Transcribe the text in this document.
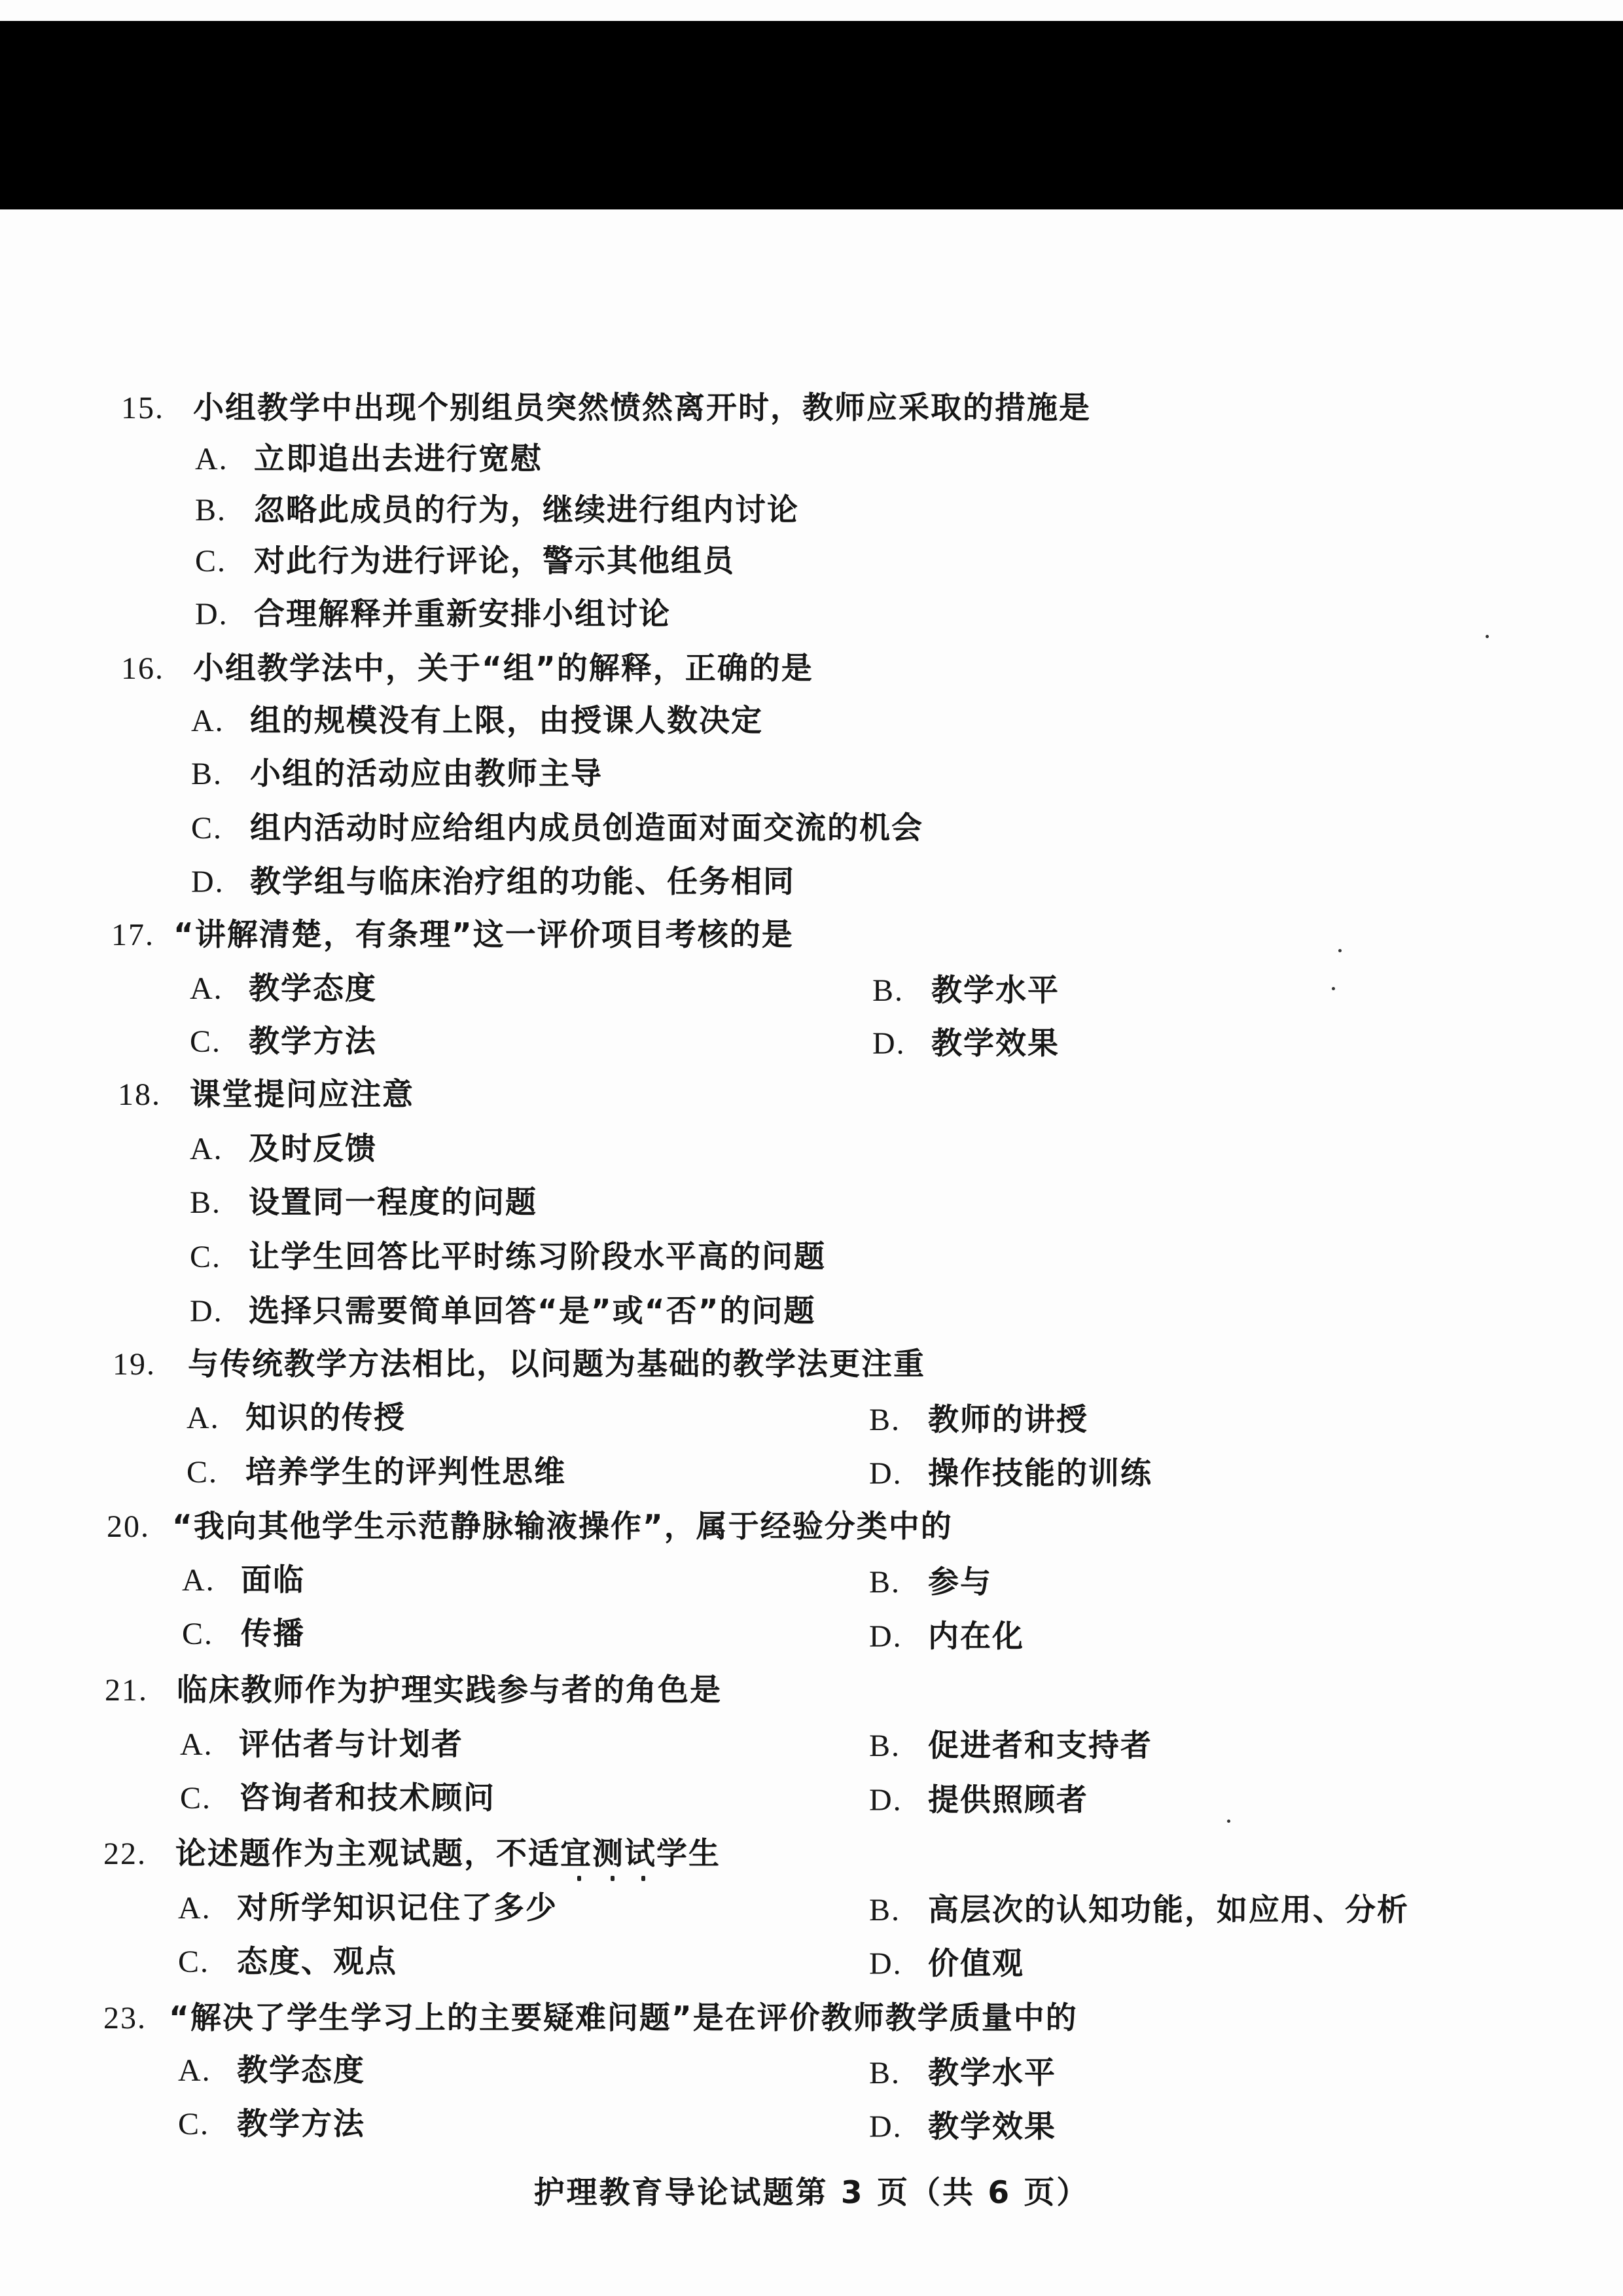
15. 小组教学中出现个别组员突然愤然离开时，教师应采取的措施是
A. 立即追出去进行宽慰
B. 忽略此成员的行为，继续进行组内讨论
C. 对此行为进行评论，警示其他组员
D. 合理解释并重新安排小组讨论
16. 小组教学法中，关于“组”的解释，正确的是
A. 组的规模没有上限，由授课人数决定
B. 小组的活动应由教师主导
C. 组内活动时应给组内成员创造面对面交流的机会
D. 教学组与临床治疗组的功能、任务相同
17. “讲解清楚，有条理”这一评价项目考核的是
A. 教学态度	B. 教学水平
C. 教学方法	D. 教学效果
18. 课堂提问应注意
A. 及时反馈
B. 设置同一程度的问题
C. 让学生回答比平时练习阶段水平高的问题
D. 选择只需要简单回答“是”或“否”的问题
19. 与传统教学方法相比，以问题为基础的教学法更注重
A. 知识的传授	B. 教师的讲授
C. 培养学生的评判性思维	D. 操作技能的训练
20. “我向其他学生示范静脉输液操作”，属于经验分类中的
A. 面临	B. 参与
C. 传播	D. 内在化
21. 临床教师作为护理实践参与者的角色是
A. 评估者与计划者	B. 促进者和支持者
C. 咨询者和技术顾问	D. 提供照顾者
22. 论述题作为主观试题，不适宜测试学生
A. 对所学知识记住了多少	B. 高层次的认知功能，如应用、分析
C. 态度、观点	D. 价值观
23. “解决了学生学习上的主要疑难问题”是在评价教师教学质量中的
A. 教学态度	B. 教学水平
C. 教学方法	D. 教学效果
护理教育导论试题第 3 页（共 6 页）
